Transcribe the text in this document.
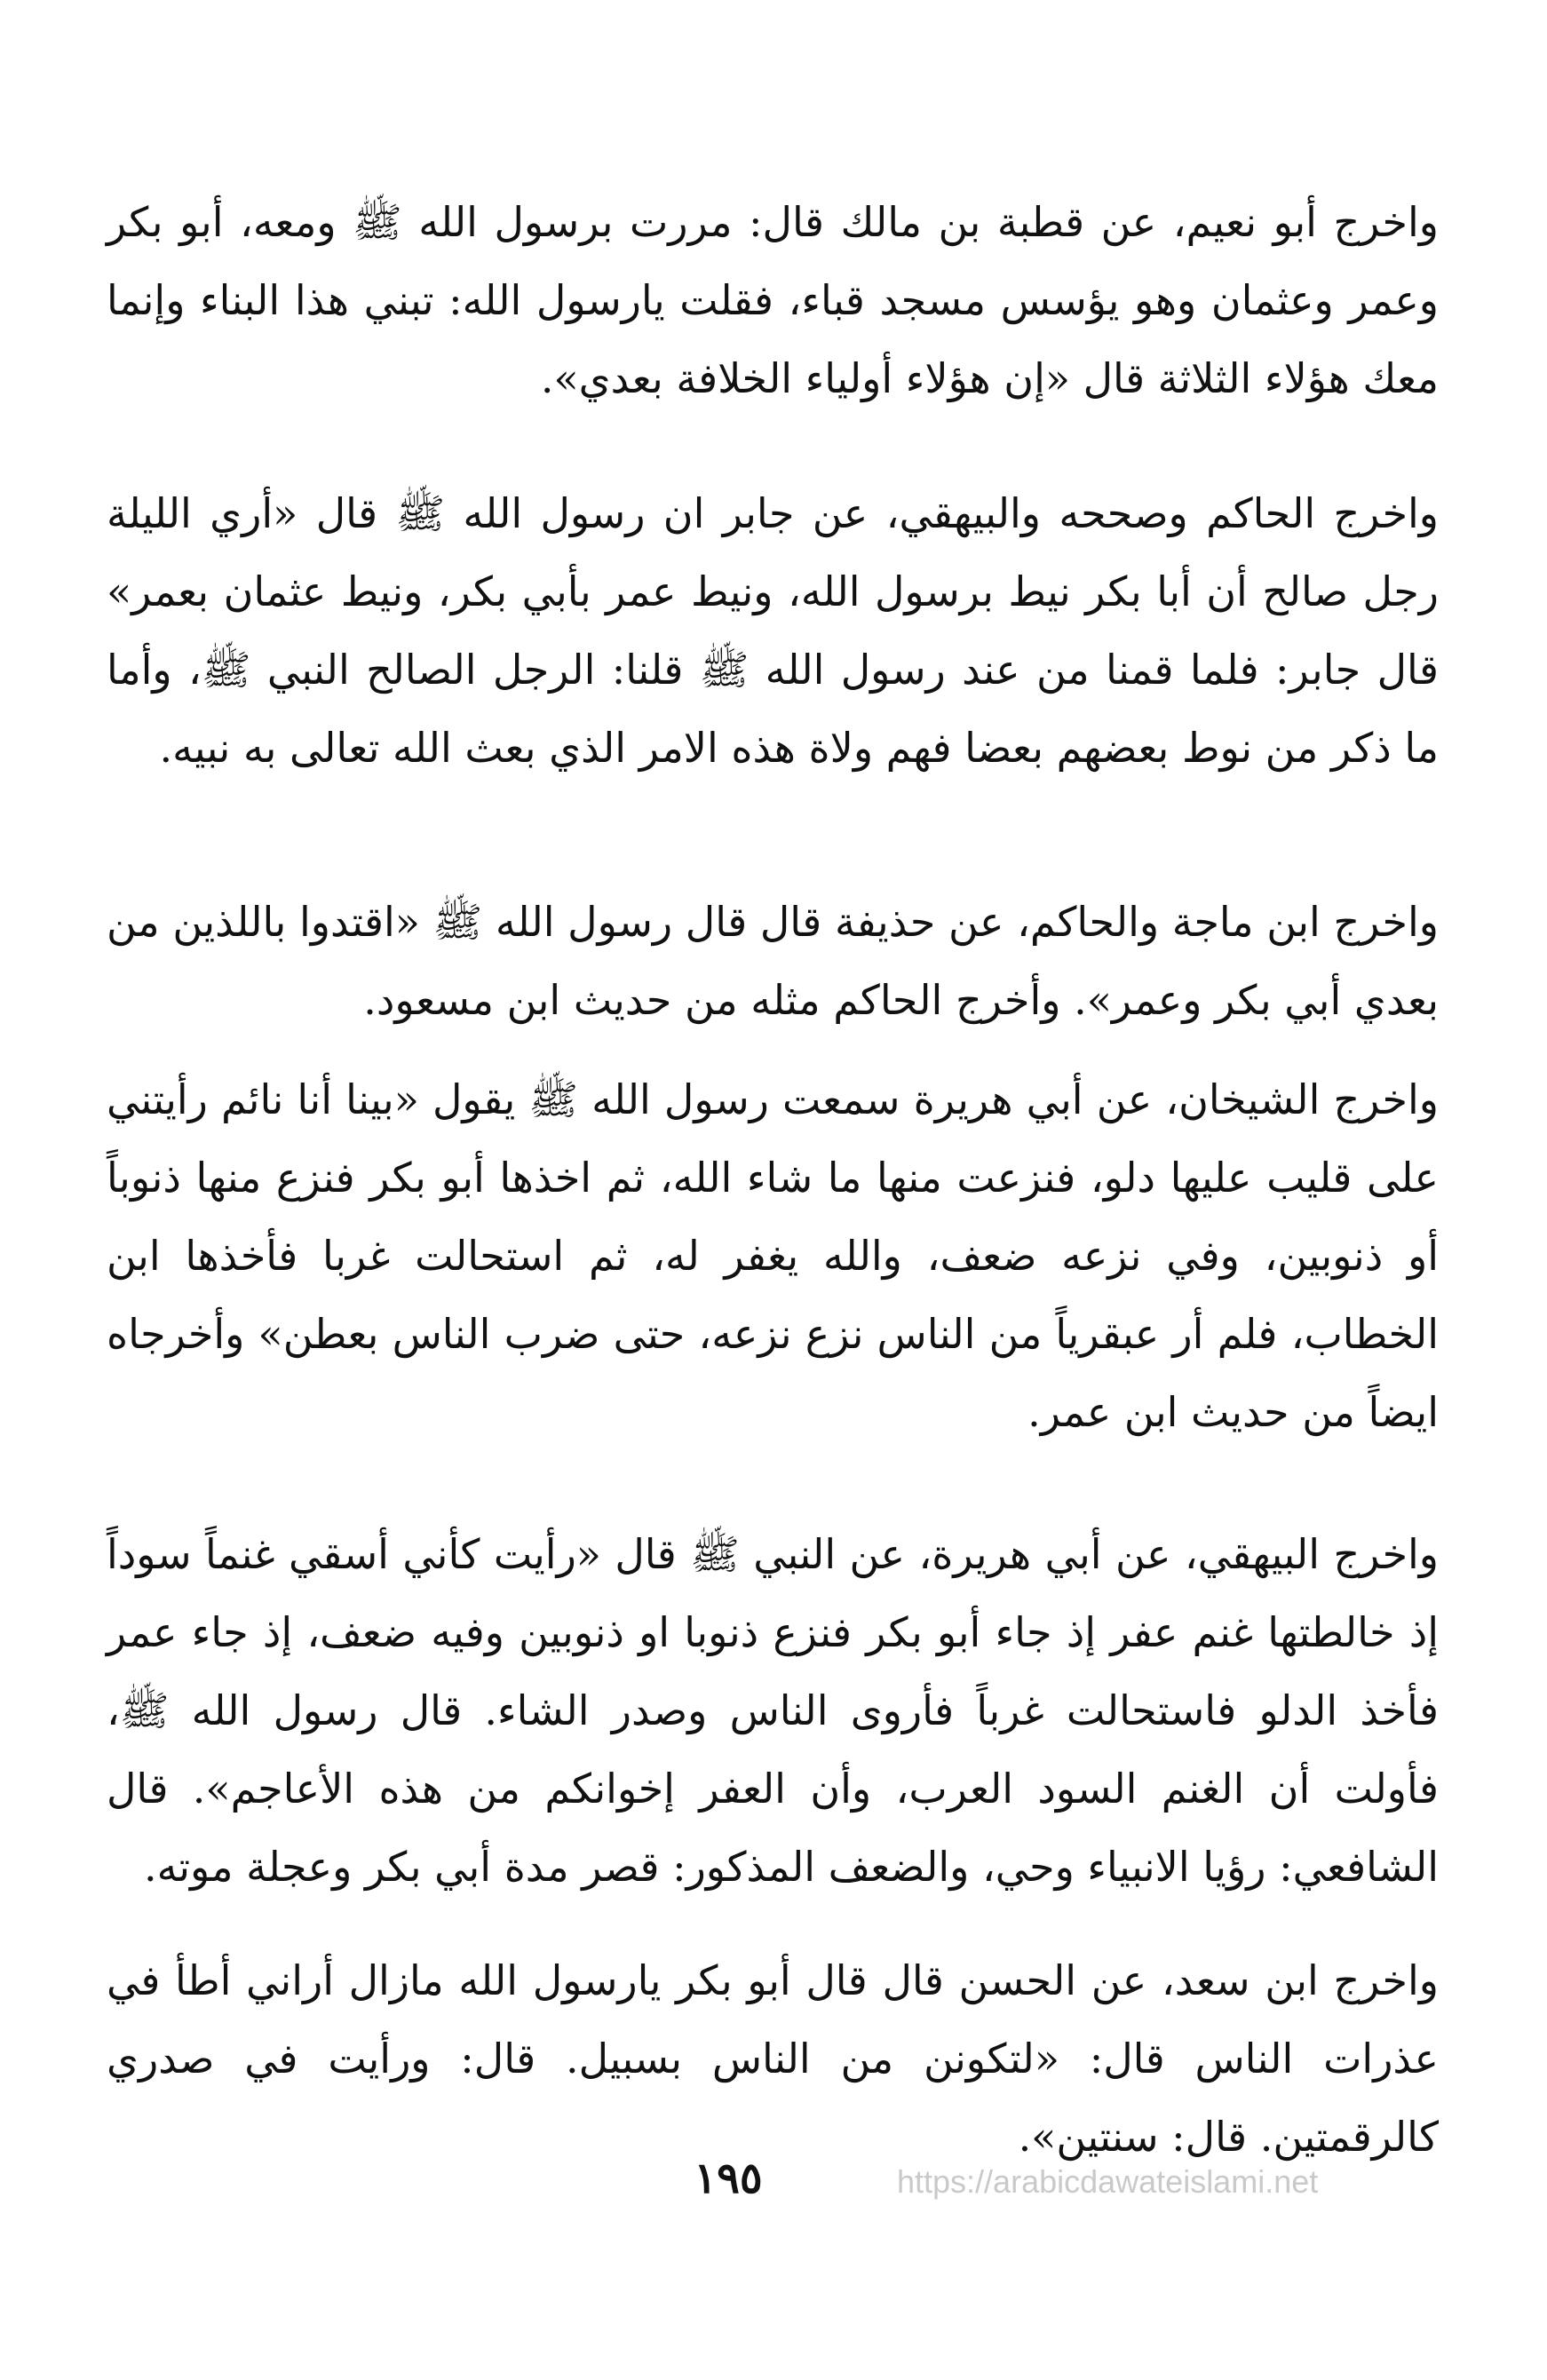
واخرج أبو نعيم، عن قطبة بن مالك قال: مررت برسول الله ﷺ ومعه، أبو بكر وعمر وعثمان وهو يؤسس مسجد قباء، فقلت يارسول الله: تبني هذا البناء وإنما معك هؤلاء الثلاثة قال «إن هؤلاء أولياء الخلافة بعدي».

واخرج الحاكم وصححه والبيهقي، عن جابر ان رسول الله ﷺ قال «أري الليلة رجل صالح أن أبا بكر نيط برسول الله، ونيط عمر بأبي بكر، ونيط عثمان بعمر» قال جابر: فلما قمنا من عند رسول الله ﷺ قلنا: الرجل الصالح النبي ﷺ، وأما ما ذكر من نوط بعضهم بعضا فهم ولاة هذه الامر الذي بعث الله تعالى به نبيه.

واخرج ابن ماجة والحاكم، عن حذيفة قال قال رسول الله ﷺ «اقتدوا باللذين من بعدي أبي بكر وعمر». وأخرج الحاكم مثله من حديث ابن مسعود.

واخرج الشيخان، عن أبي هريرة سمعت رسول الله ﷺ يقول «بينا أنا نائم رأيتني على قليب عليها دلو، فنزعت منها ما شاء الله، ثم اخذها أبو بكر فنزع منها ذنوباً أو ذنوبين، وفي نزعه ضعف، والله يغفر له، ثم استحالت غربا فأخذها ابن الخطاب، فلم أر عبقرياً من الناس نزع نزعه، حتى ضرب الناس بعطن» وأخرجاه ايضاً من حديث ابن عمر.

واخرج البيهقي، عن أبي هريرة، عن النبي ﷺ قال «رأيت كأني أسقي غنماً سوداً إذ خالطتها غنم عفر إذ جاء أبو بكر فنزع ذنوبا او ذنوبين وفيه ضعف، إذ جاء عمر فأخذ الدلو فاستحالت غرباً فأروى الناس وصدر الشاء. قال رسول الله ﷺ، فأولت أن الغنم السود العرب، وأن العفر إخوانكم من هذه الأعاجم». قال الشافعي: رؤيا الانبياء وحي، والضعف المذكور: قصر مدة أبي بكر وعجلة موته.

واخرج ابن سعد، عن الحسن قال قال أبو بكر يارسول الله مازال أراني أطأ في عذرات الناس قال: «لتكونن من الناس بسبيل. قال: ورأيت في صدري كالرقمتين. قال: سنتين».

١٩٥	https://arabicdawateislami.net
